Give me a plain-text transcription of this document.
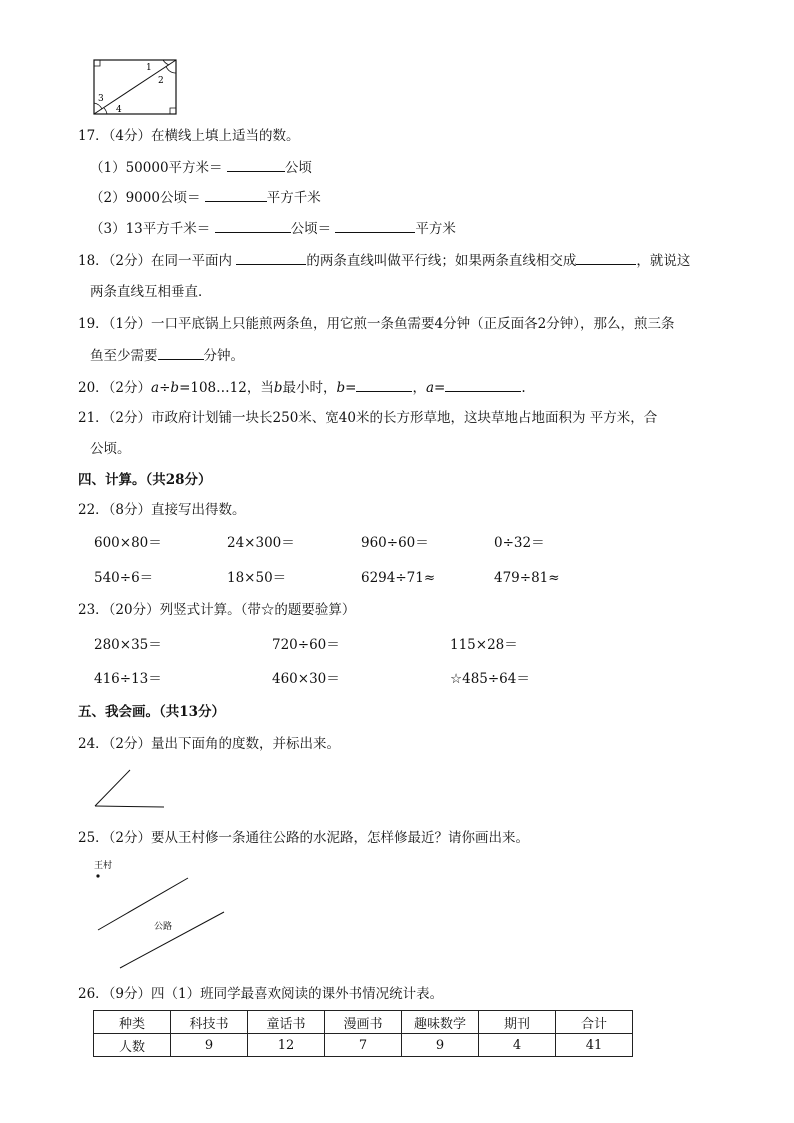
1
2
3
4
17．（4分）在横线上填上适当的数。
（1）50000平方米＝	公顷
（2）9000公顷＝	平方千米
（3）13平方千米＝	公顷＝	平方米
18．（2分）在同一平面内	的两条直线叫做平行线；如果两条直线相交成	，就说这
两条直线互相垂直．
19．（1分）一口平底锅上只能煎两条鱼，用它煎一条鱼需要4分钟（正反面各2分钟），那么，煎三条
鱼至少需要	分钟。
20．（2分）a÷b=108…12，当b最小时，b=	，a=	.
21．（2分）市政府计划铺一块长250米、宽40米的长方形草地，这块草地占地面积为 平方米，合
公顷。
四、计算。（共28分）
22．（8分）直接写出得数。
600×80＝	24×300＝	960÷60＝	0÷32＝
540÷6＝	18×50＝	6294÷71≈	479÷81≈
23．（20分）列竖式计算。（带☆的题要验算）
280×35＝	720÷60＝	115×28＝
416÷13＝	460×30＝	☆485÷64＝
五、我会画。（共13分）
24．（2分）量出下面角的度数，并标出来。
25．（2分）要从王村修一条通往公路的水泥路，怎样修最近？请你画出来。
王村
公路
26．（9分）四（1）班同学最喜欢阅读的课外书情况统计表。
种类	科技书	童话书	漫画书	趣味数学	期刊	合计
人数	9	12	7	9	4	41
